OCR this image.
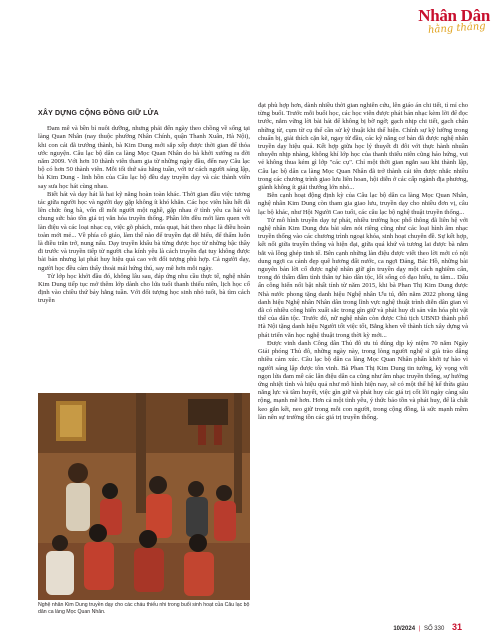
Nhân Dân
hằng tháng
XÂY DỰNG CỘNG ĐỒNG GIỮ LỬA

Đam mê và bền bỉ nuôi dưỡng, nhưng phải đến ngày theo chồng về sống tại làng Quan Nhân (nay thuộc phường Nhân Chính, quận Thanh Xuân, Hà Nội), khi con cái đã trưởng thành, bà Kim Dung mới sắp xếp được thời gian để thỏa ước nguyện. Câu lạc bộ dân ca làng Mọc Quan Nhân do bà khởi xướng ra đời năm 2009. Với hơn 10 thành viên tham gia từ những ngày đầu, đến nay Câu lạc bộ có hơn 50 thành viên. Mỗi tối thứ sáu hằng tuần, với tư cách người sáng lập, bà Kim Dung - linh hồn của Câu lạc bộ đều dạy truyền dạy và các thành viên say sưa học hát cùng nhau.

Biết hát và dạy hát là hai kỹ năng hoàn toàn khác. Thời gian đầu việc tương tác giữa người học và người dạy gặp không ít khó khăn. Các học viên hầu hết đã lên chức ông bà, vốn dĩ mỗi người một nghề, gặp nhau ở tình yêu ca hát và chung sức bảo tồn giá trị văn hóa truyền thống. Phần lớn đều mới làm quen với làn điệu và các loại nhạc cụ, việc gõ phách, múa quạt, hát theo nhạc là điều hoàn toàn mới mẻ... Về phía cô giáo, làm thế nào để truyền đạt dễ hiểu, để thấm luôn là điều trăn trở, nung nấu. Dạy truyền khẩu bà từng được học từ những bậc thầy đi trước và truyền tiếp từ người cha kính yêu là cách truyền đạt tuy không được bài bản nhưng lại phát huy hiệu quả cao với đối tượng phù hợp. Cả người dạy, người học đều cảm thấy thoải mái hứng thú, say mê hơn mỗi ngày.

Từ lớp học khởi đầu đó, không lâu sau, đáp ứng nhu cầu thực tế, nghệ nhân Kim Dung tiếp tục mở thêm lớp dành cho lứa tuổi thanh thiếu niên, lịch học cố định vào chiều thứ bảy hằng tuần. Với đối tượng học sinh nhỏ tuổi, bà tìm cách truyền

Nghệ nhân Kim Dung truyền dạy cho các cháu thiếu nhi trong buổi sinh hoạt của Câu lạc bộ dân ca làng Mọc Quan Nhân.

đạt phù hợp hơn, dành nhiều thời gian nghiên cứu, lên giáo án chi tiết, tỉ mỉ cho từng buổi. Trước mỗi buổi học, các học viên được phát bản nhạc kèm lời để đọc trước, nắm vững lời bài hát để không bị bỡ ngỡ; gạch nhịp chi tiết, gạch chân những từ, cụm từ cụ thể cần sử kỹ thuật khi thể hiện. Chính sự kỹ lưỡng trong chuẩn bị, giải thích cặn kẽ, ngay từ đầu, các kỹ năng cơ bản đã được nghệ nhân truyền dạy hiệu quả. Kết hợp giữa học lý thuyết đi đôi với thực hành nhuần nhuyễn nhịp nhàng, không khí lớp học của thanh thiếu niên cũng háo hứng, vui vẻ không thua kém gì lớp "các cụ". Chỉ một thời gian ngắn sau khi thành lập, Câu lạc bộ dân ca làng Mọc Quan Nhân đã trở thành cái tên được nhắc nhiều trong các chương trình giao lưu liên hoan, hội diễn ở các cấp ngành địa phương, giành không ít giải thưởng lớn nhỏ...

Bên cạnh hoạt động định kỳ của Câu lạc bộ dân ca làng Mọc Quan Nhân, nghệ nhân Kim Dung còn tham gia giao lưu, truyền dạy cho nhiều đơn vị, câu lạc bộ khác, như Hội Người Cao tuổi, các câu lạc bộ nghệ thuật truyền thống...

Từ mô hình truyền dạy tự phát, nhiều trường học phổ thông đã liên hệ với nghệ nhân Kim Dung đưa bài sắm nói riêng cũng như các loại hình âm nhạc truyền thống vào các chương trình ngoại khóa, sinh hoạt chuyên đề. Sự kết hợp, kết nối giữa truyền thống và hiện đại, giữa quá khứ và tương lai được bà nắm bắt và lồng ghép tinh tế. Bên cạnh những làn điệu được viết theo lời mới có nội dung ngợi ca cảnh đẹp quê hương đất nước, ca ngợi Đảng, Bác Hồ, những bài nguyên bản lời cổ được nghệ nhân giữ gìn truyền dạy một cách nghiêm cẩn, trong đó thấm đẫm tình thân tự hào dân tộc, lối sống có đạo hiếu, tu tâm... Dấu ấn công hiến nổi bật nhất tính từ năm 2015, khi bà Phan Thị Kim Dung được Nhà nước phong tặng danh hiệu Nghệ nhân Ưu tú, đến năm 2022 phong tặng danh hiệu Nghệ nhân Nhân dân trong lĩnh vực nghệ thuật trình diễn dân gian vì đã có nhiều công hiến xuất sắc trong gìn giữ và phát huy di sản văn hóa phi vật thể của dân tộc. Trước đó, nữ nghệ nhân còn được Chủ tịch UBND thành phố Hà Nội tặng danh hiệu Người tốt việc tốt, Bằng khen về thành tích xây dựng và phát triển văn học nghệ thuật trong thời kỳ mới...

Được vinh danh Công dân Thủ đô ưu tú đúng dịp kỷ niệm 70 năm Ngày Giải phóng Thủ đô, những ngày này, trong lòng người nghệ sĩ già trào dâng nhiều cảm xúc. Câu lạc bộ dân ca làng Mọc Quan Nhân phấn khởi tự hào vì người sáng lập được tôn vinh. Bà Phan Thị Kim Dung tin tưởng, kỳ vọng với ngọn lửa đam mê các lân điệu dân ca cũng như âm nhạc truyền thống, sự hưởng ứng nhiệt tình và hiệu quả như mô hình hiện nay, sẽ có một thế hệ kế thừa giàu năng lực và tâm huyết, việc gìn giữ và phát huy các giá trị cốt lõi ngày càng sâu rộng, mạnh mẽ hơn. Hơn cả một tình yêu, ý thức bảo tồn và phát huy, để là chất keo gắn kết, neo giữ trong mỗi con người, trong cộng đồng, là sức mạnh mềm làn nên sự trường tồn các giá trị truyền thống.

10/2024 | SỐ 330 31
